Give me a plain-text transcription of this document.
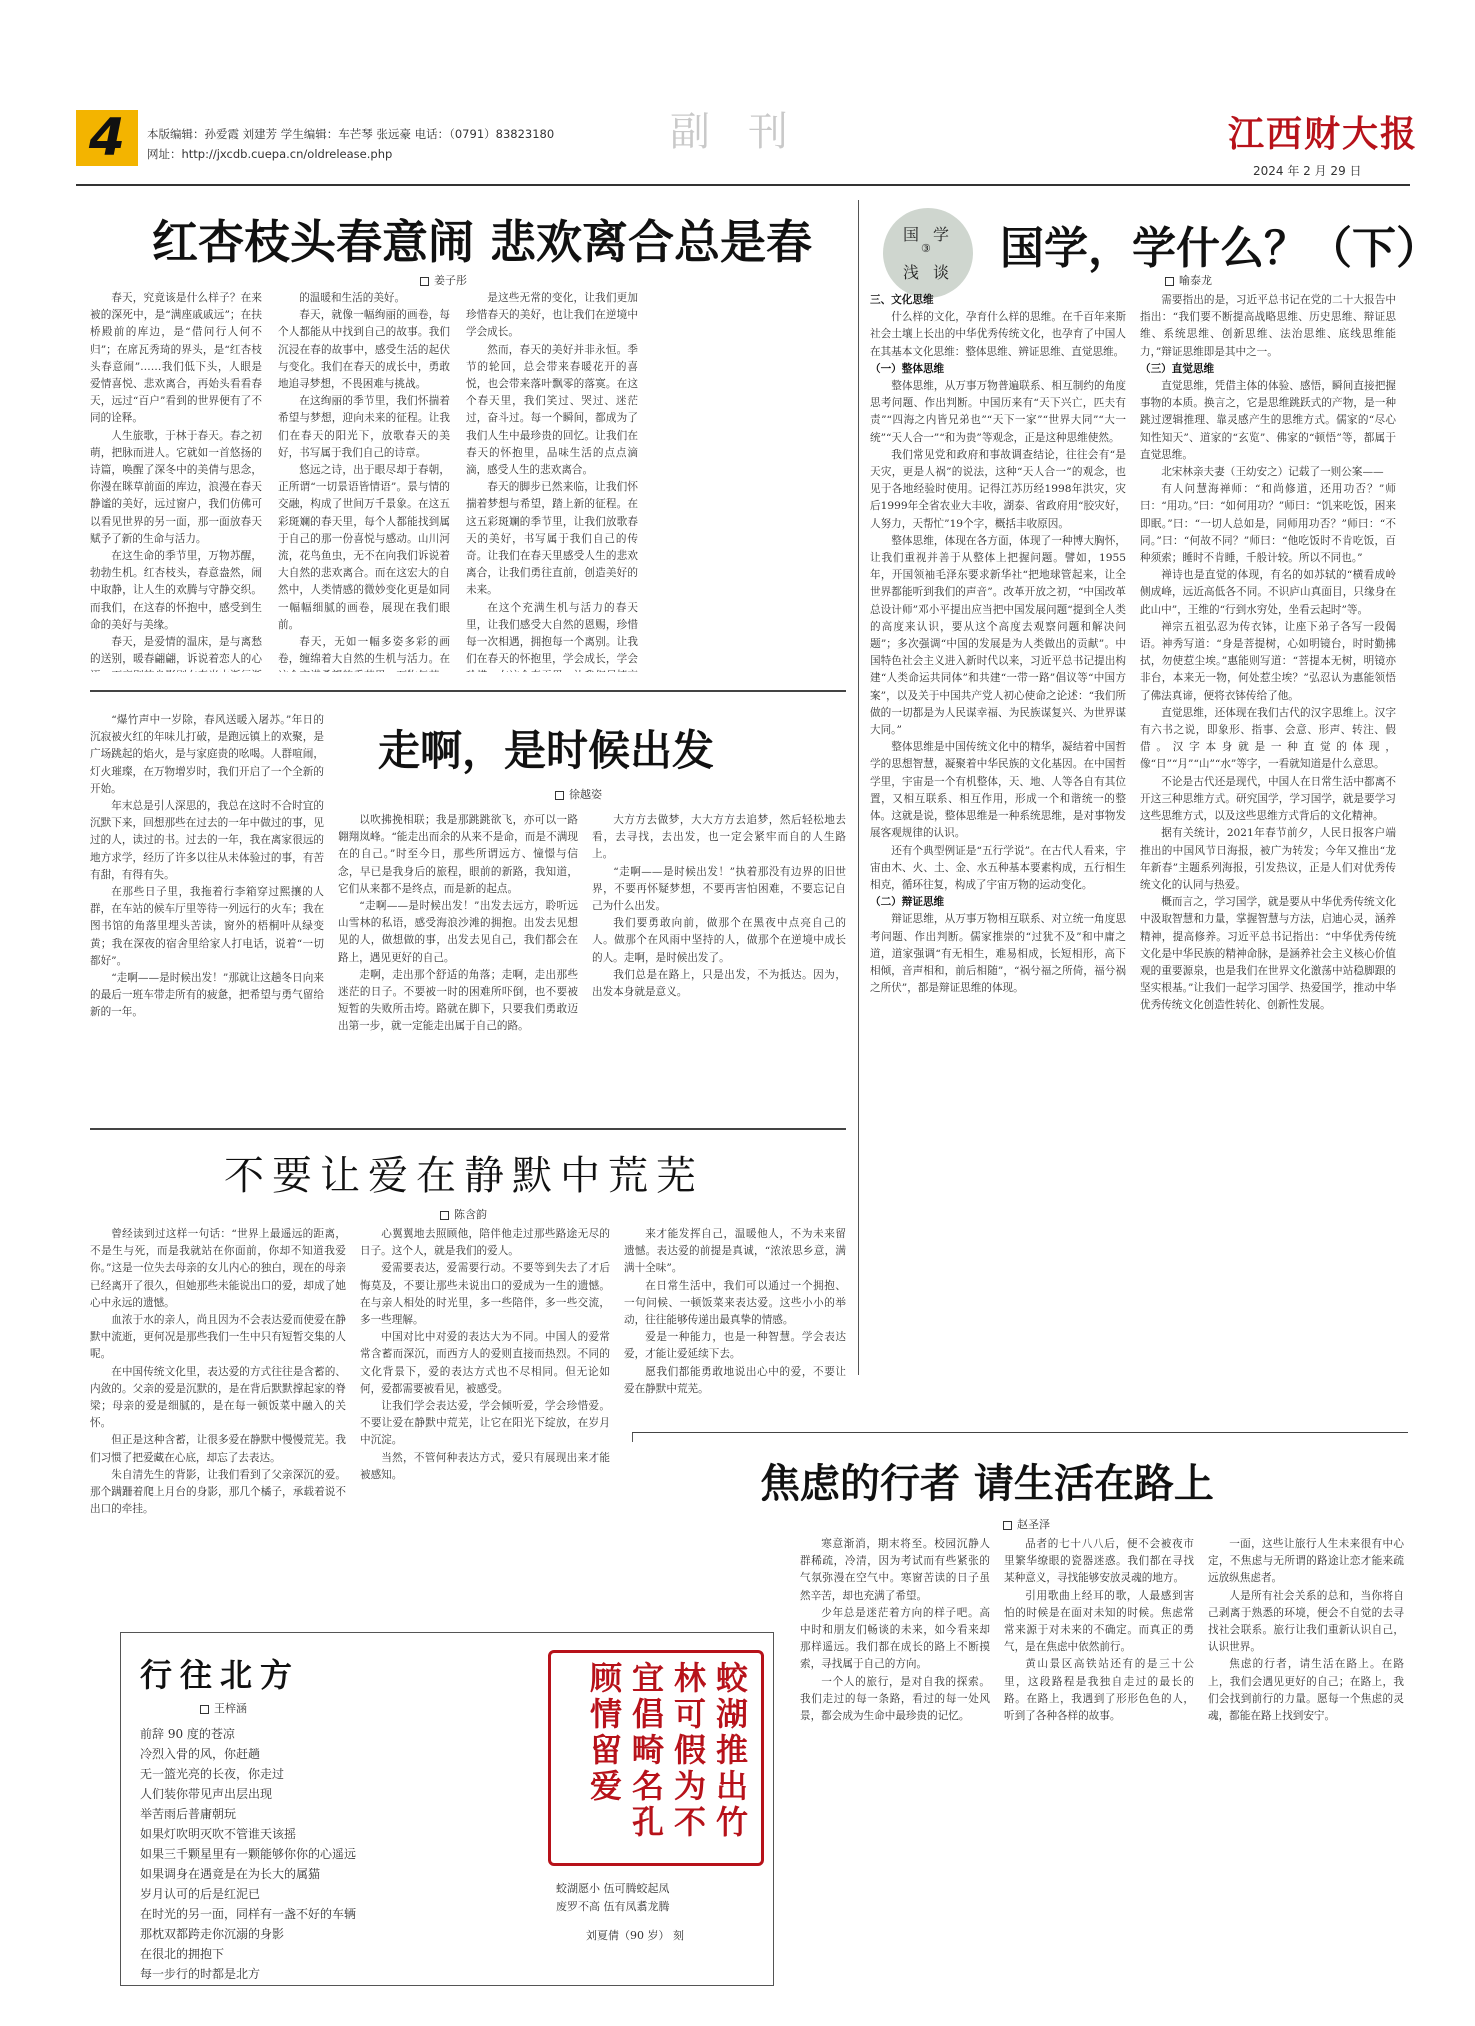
4	本版编辑：孙爱霞 刘建芳 学生编辑：车芒琴 张远豪 电话：（0791）83823180
网址：http://jxcdb.cuepa.cn/oldrelease.php	副刊	江西财大报
2024 年 2 月 29 日
红杏枝头春意闹 悲欢离合总是春
姜子彤

春天，究竟该是什么样子？在来被的深死中，是“满座戚戚远”；在扶桥殿前的库边，是“借问行人何不归”；在席瓦秀琦的界头，是“红杏枝头春意闹”……我们低下头，人眼是爱情喜悦、悲欢离合，再始头看看春天，远过“百户”看到的世界便有了不同的诠释。

人生旅歌，于林于春天。春之初萌，把脉而进人。它就如一首悠扬的诗篇，唤醒了深冬中的美倩与思念，你漫在眯草前面的库边，浪漫在春天静谧的美好，远过窗户，我们仿佛可以看见世界的另一面，那一面放春天赋予了新的生命与活力。

在这生命的季节里，万物苏醒，勃勃生机。红杏枝头，春意盎然，闹中取静，让人生的欢腾与守静交织。而我们，在这春的怀抱中，感受到生命的美好与美缘。

春天，是爱情的温床，是与离愁的送别，暖春翩翩，诉说着恋人的心

的温暖和生活的美好。

春天，就像一幅绚丽的画卷，每个人都能从中找到自己的故事。我们沉浸在春的故事中，感受生活的起伏与变化。我们在春天的成长中，勇敢地追寻梦想，不畏困难与挑战。

在这绚丽的季节里，我们怀揣着希望与梦想，迎向未来的征程。让我们在春天的阳光下，放歌春天的美好，书写属于我们自己的诗章。

悠远之诗，出于眼尽却于春朝，正所谓“一切景语皆情语”。景与情的交融，构成了世间万千景象。在这五彩斑斓的春天里，每个人都能找到属于自己的那一份喜悦与感动。山川河流，花鸟鱼虫，无不在向我们诉说着大自然的悲欢离合。而在这宏大的自然中，人类情感的微妙变化更是如同一幅幅细腻的画卷，展现在我们眼前。

春天，无如一幅多姿多彩的画卷，缠绵着大自然的生机与活力。在

是这些无常的变化，让我们更加珍惜春天的美好，也让我们在逆境中学会成长。

然而，春天的美好并非永恒。季节的轮回，总会带来春暖花开的喜悦，也会带来落叶飘零的落寞。在这个春天里，我们笑过、哭过、迷茫过，奋斗过。每一个瞬间，都成为了我们人生中最珍贵的回忆。让我们在春天的怀抱里，品味生活的点点滴滴，感受人生的悲欢离合。

春天的脚步已然来临，让我们怀揣着梦想与希望，踏上新的征程。在这五彩斑斓的季节里，让我们放歌春天的美好，书写属于我们自己的传奇。让我们在春天里感受人生的悲欢离合，让我们勇往直前，创造美好的未来。

在这个充满生机与活力的春天里，让我们感受大自然的恩赐，珍惜每一次相遇，拥抱每一个离别。让我们在春天的怀抱里，学会成长，学会

国 学
浅 谈
③ 国学，学什么？（下）
喻泰龙

三、文化思维

什么样的文化，孕育什么样的思维。在千百年来斯社会土壤上长出的中华优秀传统文化，也孕育了中国人在其基本文化思维：整体思维、辨证思维、直觉思维。

（一）整体思维

整体思维，从万事万物普遍联系、相互制约的角度思考问题、作出判断。中国历来有“天下兴亡，匹夫有责”“四海之内皆兄弟也”“天下一家”“世界大同”“大一统”“天人合一”“和为贵”等观念，正是这种思维使然。

我们常见党和政府和事故调查结论，往往会有“是天灾，更是人祸”的说法，这种“天人合一”的观念，也见于各地经验时使用。记得江苏历经1998年洪灾，灾后1999年全省农业大丰收，湖泰、省政府用“胶灾好，人努力，天帮忙”19个字，概括丰收原因。

整体思维，体现在各方面，体现了一种博大胸怀，让我们重视并善于从整体上把握问题。譬如，1955年，开国领袖毛泽东要求新华社“把地球管起来，让全世界都能听到我们的声音”。改革开放之初，“中国改革总设计师”邓小平提出应当把中国发展问题“提到全人类的高度来认识，要从这个高度去观察问题和解决问题”；多次强调“中国的发展是为人类做出的贡献”。中国特色社会主义进入新时代以来，习近平总书记提出构建“人类命运共同体”和共建“一带一路”倡议等“中国方案”，以及关于中国共产党人初心使命之论述：“我们所做的一切都是为人民谋幸福、为民族谋复兴、为世界谋大同。”

整体思维是中国传统文化中的精华，凝结着中国哲学的思想智慧，凝聚着中华民族的文化基因。在中国哲学里，宇宙是一个有机整体，天、地、人等各自有其位置，又相互联系、相互作用，形成一个和谐统一的整体。这就是说，整体思维是一种系统思维，是对事物发展客观规律的认识。

还有个典型例证是“五行学说”。在古代人看来，宇宙由木、火、土、金、水五种基本要素构成，五行相生相克，循环往复，构成了宇宙万物的运动变化。

（二）辩证思维

辩证思维，从万事万物相互联系、对立统一角度思考问题、作出判断。儒家推崇的“过犹不及”和中庸之道，道家强调“有无相生，难易相成，长短相形，高下相倾，音声相和，前后相随”，“祸兮福之所倚，福兮祸之所伏”，都是辩证思维的体现。

需要指出的是，习近平总书记在党的二十大报告中指出：“我们要不断提高战略思维、历史思维、辩证思维、系统思维、创新思维、法治思维、底线思维能力，”辩证思维即是其中之一。

（三）直觉思维

直觉思维，凭借主体的体验、感悟，瞬间直接把握事物的本质。换言之，它是思维跳跃式的产物，是一种跳过逻辑推理、靠灵感产生的思维方式。儒家的“尽心知性知天”、道家的“玄览”、佛家的“顿悟”等，都属于直觉思维。

北宋林亲夫妻（王幼安之）记载了一则公案——

有人问慧海禅师：“和尚修道，还用功否？”师曰：“用功。”曰：“如何用功？”师曰：“饥来吃饭，困来即眠。”曰：“一切人总如是，同师用功否？”师曰：“不同。”曰：“何故不同？”师曰：“他吃饭时不肯吃饭，百种须索；睡时不肯睡，千般计较。所以不同也。”

禅诗也是直觉的体现，有名的如苏轼的“横看成岭侧成峰，远近高低各不同。不识庐山真面目，只缘身在此山中”，王维的“行到水穷处，坐看云起时”等。

禅宗五祖弘忍为传衣钵，让座下弟子各写一段偈语。神秀写道：“身是菩提树，心如明镜台，时时勤拂拭，勿使惹尘埃。”惠能则写道：“菩提本无树，明镜亦非台，本来无一物，何处惹尘埃？”弘忍认为惠能领悟了佛法真谛，便将衣钵传给了他。

直觉思维，还体现在我们古代的汉字思维上。汉字有六书之说，即象形、指事、会意、形声、转注、假借。汉字本身就是一种直觉的体现，像“日”“月”“山”“水”等字，一看就知道是什么意思。

不论是古代还是现代，中国人在日常生活中都离不开这三种思维方式。研究国学，学习国学，就是要学习这些思维方式，以及这些思维方式背后的文化精神。

据有关统计，2021年春节前夕，人民日报客户端推出的中国风节日海报，被广为转发；今年又推出“龙年新春”主题系列海报，引发热议，正是人们对优秀传统文化的认同与热爱。

概而言之，学习国学，就是要从中华优秀传统文化中汲取智慧和力量，掌握智慧与方法，启迪心灵，涵养精神，提高修养。习近平总书记指出：“中华优秀传统文化是中华民族的精神命脉，是涵养社会主义核心价值观的重要源泉，也是我们在世界文化激荡中站稳脚跟的坚实根基。”让我们一起学习国学、热爱国学，推动中华优秀传统文化创造性转化、创新性发展。

“爆竹声中一岁除，春风送暖入屠苏。”年日的沉寂被火红的年味儿打破，是跑远镇上的欢聚，是广场跳起的焰火，是与家庭贵的吆喝。人群喧闹，灯火璀璨，在万物增岁时，我们开启了一个全新的开始。

年末总是引人深思的，我总在这时不合时宜的沉默下来，回想那些在过去的一年中做过的事，见过的人，读过的书。过去的一年，我在离家很远的地方求学，经历了许多以往从未体验过的事，有苦有甜，有得有失。

在那些日子里，我拖着行李箱穿过熙攘的人群，在车站的候车厅里等待一列远行的火车；我在图书馆的角落里埋头苦读，窗外的梧桐叶从绿变黄；我在深夜的宿舍里给家人打电话，说着“一切都好”。

“走啊——是时候出发！”那就让这趟冬日向来的最后一班车带走所有的疲惫，把希望与勇气留给新的一年。

走啊，是时候出发
徐越姿

以吹拂挽相联；我是那跳跳欲飞，亦可以一路翱翔岚峰。“能走出而余的从来不是命，而是不满现在的自己。”时至今日，那些所谓远方、憧憬与信念，早已是我身后的旅程，眼前的新路，我知道，它们从来都不是终点，而是新的起点。

“走啊——是时候出发！”出发去远方，聆听远山雪林的私语，感受海浪沙滩的拥抱。出发去见想见的人，做想做的事，出发去见自己，我们都会在路上，遇见更好的自己。

走啊，走出那个舒适的角落；走啊，走出那些迷茫的日子。不要被一时的困难所吓倒，也不要被短暂的失败所击垮。路就在脚下，只要我们勇敢迈出第一步，就一定能走出属于自己的路。

大方方去做梦，大大方方去追梦，然后轻松地去看，去寻找，去出发，也一定会紧牢而自的人生路上。

“走啊——是时候出发！”执着那没有边界的旧世界，不要再怀疑梦想，不要再害怕困难，不要忘记自己为什么出发。

我们要勇敢向前，做那个在黑夜中点亮自己的人。做那个在风雨中坚持的人，做那个在逆境中成长的人。走啊，是时候出发了。

我们总是在路上，只是出发，不为抵达。因为，出发本身就是意义。

不要让爱在静默中荒芜
陈含韵

曾经读到过这样一句话：“世界上最遥远的距离，不是生与死，而是我就站在你面前，你却不知道我爱你。”这是一位失去母亲的女儿内心的独白，现在的母亲已经离开了很久，但她那些未能说出口的爱，却成了她心中永远的遗憾。

血浓于水的亲人，尚且因为不会表达爱而使爱在静默中流逝，更何况是那些我们一生中只有短暂交集的人呢。

在中国传统文化里，表达爱的方式往往是含蓄的、内敛的。父亲的爱是沉默的，是在背后默默撑起家的脊梁；母亲的爱是细腻的，是在每一顿饭菜中融入的关怀。

但正是这种含蓄，让很多爱在静默中慢慢荒芜。我们习惯了把爱藏在心底，却忘了去表达。

朱自清先生的背影，让我们看到了父亲深沉的爱。那个蹒跚着爬上月台的身影，那几个橘子，承载着说不出口的牵挂。

心翼翼地去照顾他，陪伴他走过那些路途无尽的日子。这个人，就是我们的爱人。

爱需要表达，爱需要行动。不要等到失去了才后悔莫及，不要让那些未说出口的爱成为一生的遗憾。在与亲人相处的时光里，多一些陪伴，多一些交流，多一些理解。

中国对比中对爱的表达大为不同。中国人的爱常常含蓄而深沉，而西方人的爱则直接而热烈。不同的文化背景下，爱的表达方式也不尽相同。但无论如何，爱都需要被看见，被感受。

让我们学会表达爱，学会倾听爱，学会珍惜爱。不要让爱在静默中荒芜，让它在阳光下绽放，在岁月中沉淀。

当然，不管何种表达方式，爱只有展现出来才能被感知。

来才能发挥自己，温暖他人，不为未来留遗憾。表达爱的前提是真诚，“浓浓思乡意，满满十全味”。

在日常生活中，我们可以通过一个拥抱、一句问候、一顿饭菜来表达爱。这些小小的举动，往往能够传递出最真挚的情感。

爱是一种能力，也是一种智慧。学会表达爱，才能让爱延续下去。

愿我们都能勇敢地说出心中的爱，不要让爱在静默中荒芜。

焦虑的行者 请生活在路上
赵圣泽

寒意渐消，期末将至。校园沉静人群稀疏，冷清，因为考试而有些紧张的气氛弥漫在空气中。寒窗苦读的日子虽然辛苦，却也充满了希望。

少年总是迷茫着方向的样子吧。高中时和朋友们畅谈的未来，如今看来却那样遥远。我们都在成长的路上不断摸索，寻找属于自己的方向。

一个人的旅行，是对自我的探索。我们走过的每一条路，看过的每一处风景，都会成为生命中最珍贵的记忆。

品者的七十八八后，便不会被夜市里繁华缭眼的瓷器迷惑。我们都在寻找某种意义，寻找能够安放灵魂的地方。

引用歌曲上经耳的歌，人最感到害怕的时候是在面对未知的时候。焦虑常常来源于对未来的不确定。而真正的勇气，是在焦虑中依然前行。

黄山景区高铁站还有的是三十公里，这段路程是我独自走过的最长的路。在路上，我遇到了形形色色的人，听到了各种各样的故事。

一面，这些让旅行人生未来很有中心定，不焦虑与无所谓的路途让恋才能来疏远放纵焦虑者。

人是所有社会关系的总和，当你将自己剥离于熟悉的环境，便会不自觉的去寻找社会联系。旅行让我们重新认识自己，认识世界。

焦虑的行者，请生活在路上。在路上，我们会遇见更好的自己；在路上，我们会找到前行的力量。愿每一个焦虑的灵魂，都能在路上找到安宁。

行往北方
王梓涵
前辞 90 度的苍凉
冷烈入骨的风，你赶趟
无一篮光亮的长夜，你走过
人们装你带见声出层出现
举苦雨后普庸朝玩
如果灯吹明灭吹不管谁天该摇
如果三千颗星里有一颗能够你你的心遥远
如果调身在遇竟是在为长大的属猫
岁月认可的后是红泥已
在时光的另一面，同样有一盏不好的车辆
那枕双都跨走你沉溺的身影
在很北的拥抱下
每一步行的时都是北方
蛟湖推出竹林可假为不宜倡畸名孔顾情留爱
蛟湖愿小 伍可腾蛟起凤
废罗不高 伍有凤翥龙腾
刘夏倩（90 岁） 刻
